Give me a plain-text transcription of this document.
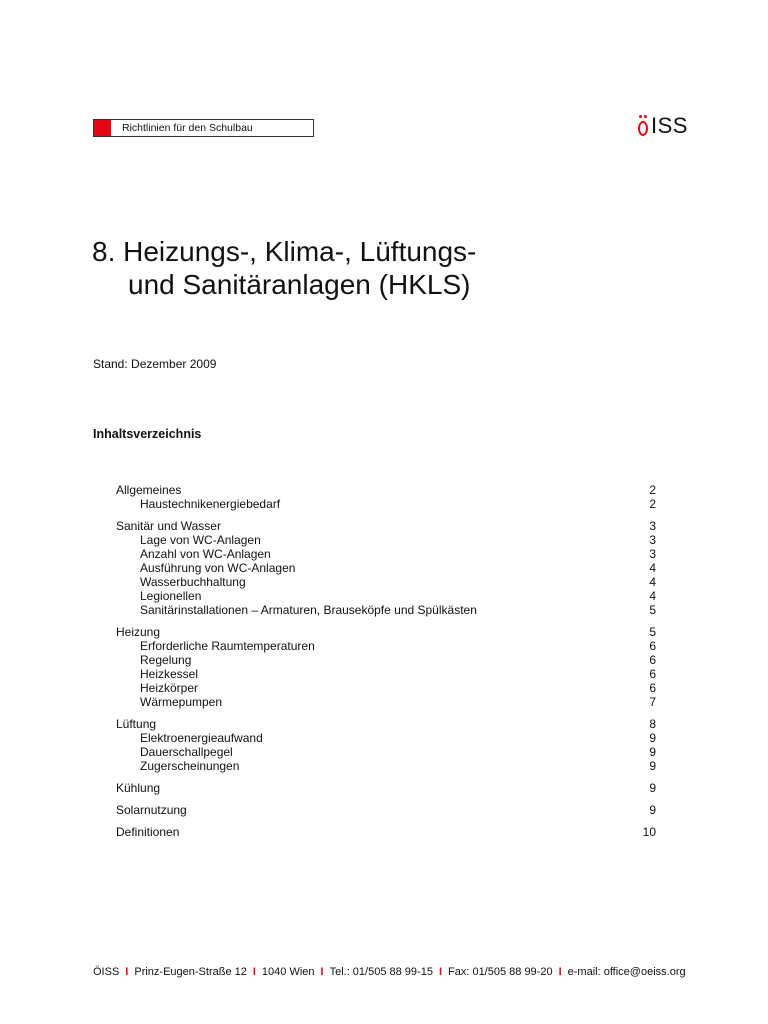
Richtlinien für den Schulbau	ISS
8. Heizungs-, Klima-, Lüftungs-
und Sanitäranlagen (HKLS)
Stand: Dezember 2009
Inhaltsverzeichnis
Allgemeines	2
Haustechnikenergiebedarf	2
Sanitär und Wasser	3
Lage von WC-Anlagen	3
Anzahl von WC-Anlagen	3
Ausführung von WC-Anlagen	4
Wasserbuchhaltung	4
Legionellen	4
Sanitärinstallationen – Armaturen, Brauseköpfe und Spülkästen	5
Heizung	5
Erforderliche Raumtemperaturen	6
Regelung	6
Heizkessel	6
Heizkörper	6
Wärmepumpen	7
Lüftung	8
Elektroenergieaufwand	9
Dauerschallpegel	9
Zugerscheinungen	9
Kühlung	9
Solarnutzung	9
Definitionen	10
ÖISS I Prinz-Eugen-Straße 12 I 1040 Wien I Tel.: 01/505 88 99-15 I Fax: 01/505 88 99-20 I e-mail: office@oeiss.org
